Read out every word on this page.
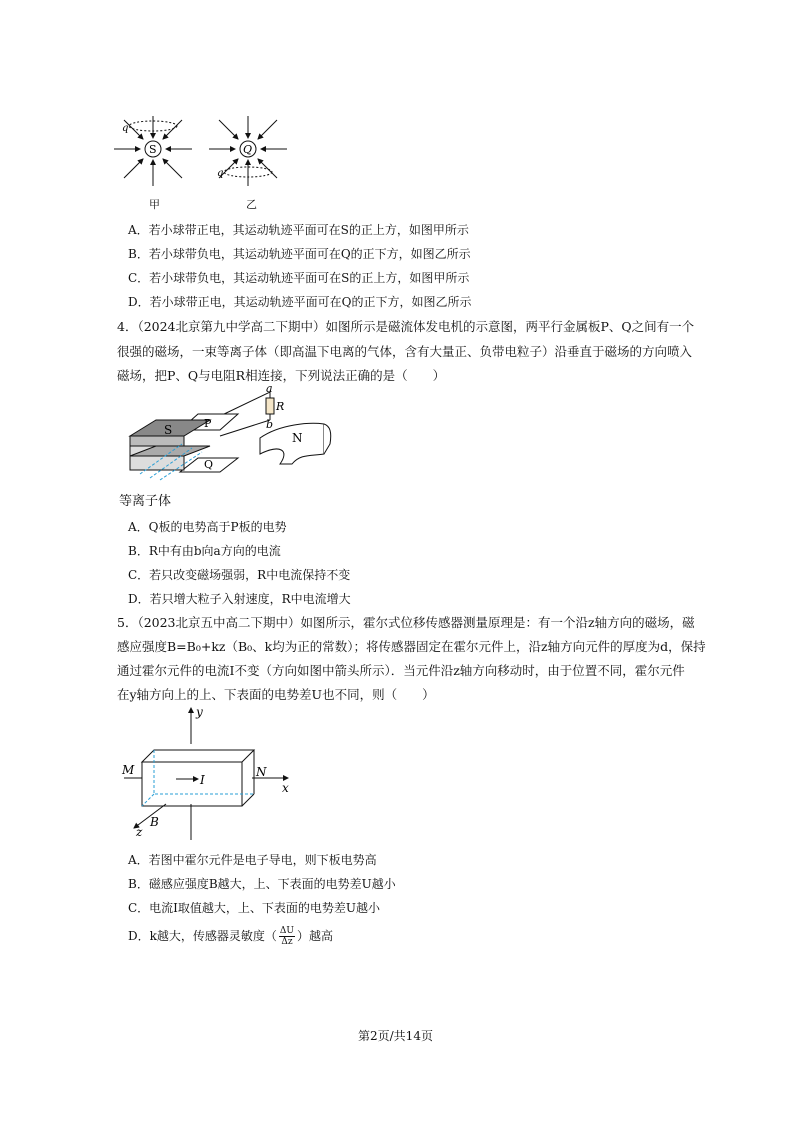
q
S	Q
q
甲	乙
A．若小球带正电，其运动轨迹平面可在S的正上方，如图甲所示
B．若小球带负电，其运动轨迹平面可在Q的正下方，如图乙所示
C．若小球带负电，其运动轨迹平面可在S的正上方，如图甲所示
D．若小球带正电，其运动轨迹平面可在Q的正下方，如图乙所示
4．（2024北京第九中学高二下期中）如图所示是磁流体发电机的示意图，两平行金属板P、Q之间有一个
很强的磁场，一束等离子体（即高温下电离的气体，含有大量正、负带电粒子）沿垂直于磁场的方向喷入
磁场，把P、Q与电阻R相连接，下列说法正确的是（　　）
a
R
b
S	P
Q
N
等离子体
A．Q板的电势高于P板的电势
B．R中有由b向a方向的电流
C．若只改变磁场强弱，R中电流保持不变
D．若只增大粒子入射速度，R中电流增大
5．（2023北京五中高二下期中）如图所示，霍尔式位移传感器测量原理是：有一个沿z轴方向的磁场，磁
感应强度B=B₀+kz（B₀、k均为正的常数）；将传感器固定在霍尔元件上，沿z轴方向元件的厚度为d，保持
通过霍尔元件的电流I不变（方向如图中箭头所示）．当元件沿z轴方向移动时，由于位置不同，霍尔元件
在y轴方向上的上、下表面的电势差U也不同，则（　　）
y
M
I
N
x
B
z
A．若图中霍尔元件是电子导电，则下板电势高
B．磁感应强度B越大，上、下表面的电势差U越小
C．电流I取值越大，上、下表面的电势差U越小
D．k越大，传感器灵敏度（ $\frac{\Delta U}{\Delta z}$ ）越高
第2页/共14页
